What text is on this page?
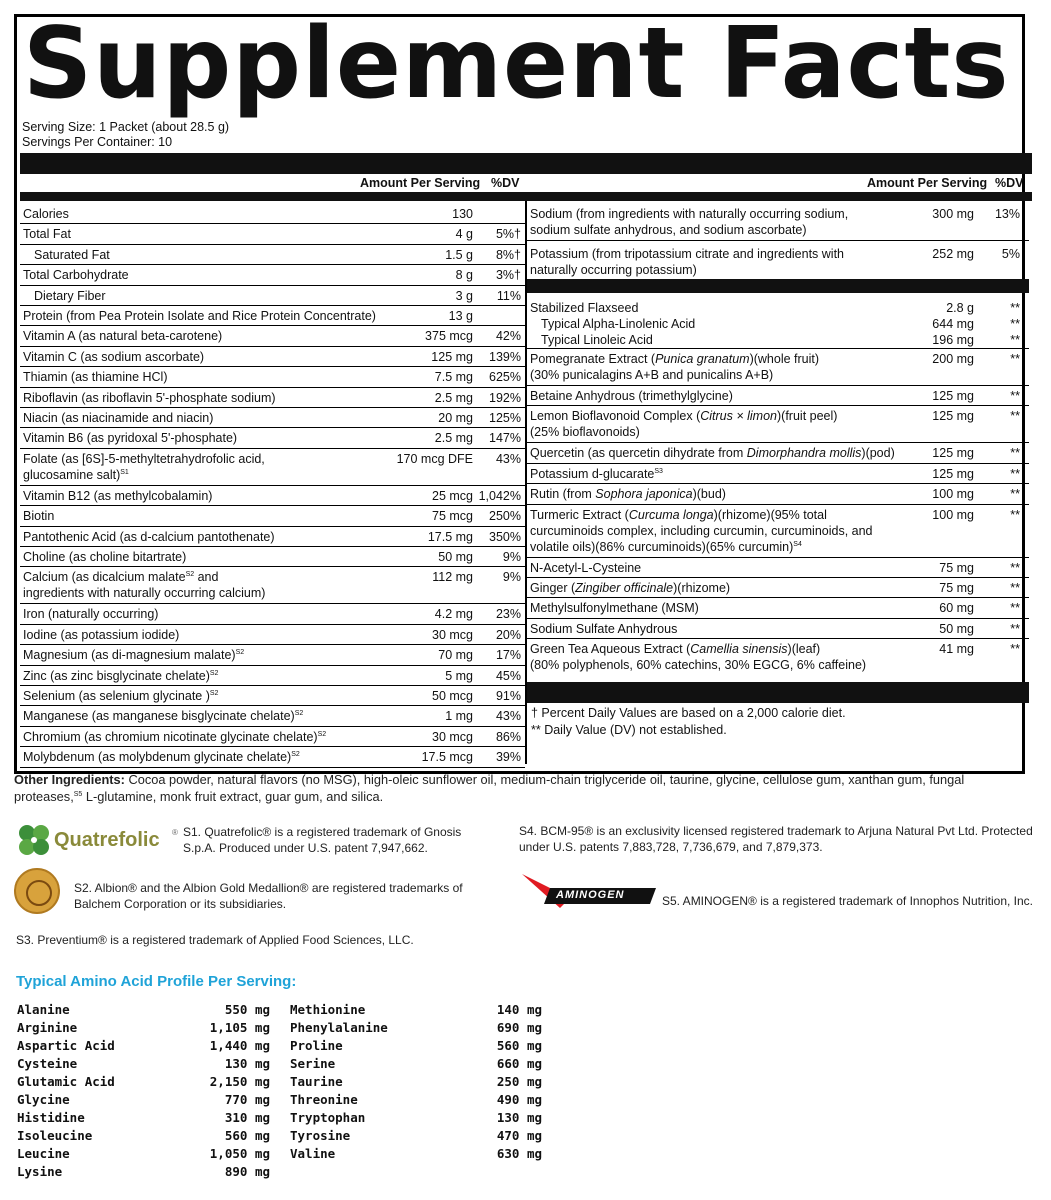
Supplement Facts
Serving Size: 1 Packet (about 28.5 g)
Servings Per Container: 10
Amount Per Serving %DV	Amount Per Serving %DV
Calories	130
Total Fat	4 g 5%†
Saturated Fat	1.5 g 8%†
Total Carbohydrate	8 g 3%†
Dietary Fiber	3 g 11%
Protein (from Pea Protein Isolate and Rice Protein Concentrate)	13 g
Vitamin A (as natural beta-carotene)	375 mcg 42%
Vitamin C (as sodium ascorbate)	125 mg 139%
Thiamin (as thiamine HCl)	7.5 mg 625%
Riboflavin (as riboflavin 5'-phosphate sodium)	2.5 mg 192%
Niacin (as niacinamide and niacin)	20 mg 125%
Vitamin B6 (as pyridoxal 5'-phosphate)	2.5 mg 147%
Folate (as [6S]-5-methyltetrahydrofolic acid,
glucosamine salt)$^{S1}$
170 mcg DFE 43%
Vitamin B12 (as methylcobalamin)	25 mcg 1,042%
Biotin	75 mcg 250%
Pantothenic Acid (as d-calcium pantothenate)	17.5 mg 350%
Choline (as choline bitartrate)	50 mg 9%
Calcium (as dicalcium malate$^{S2}$ and
ingredients with naturally occurring calcium)
112 mg 9%
Iron (naturally occurring)	4.2 mg 23%
Iodine (as potassium iodide)	30 mcg 20%
Magnesium (as di-magnesium malate)$^{S2}$	70 mg 17%
Zinc (as zinc bisglycinate chelate)$^{S2}$	5 mg 45%
Selenium (as selenium glycinate )$^{S2}$	50 mcg 91%
Manganese (as manganese bisglycinate chelate)$^{S2}$	1 mg 43%
Chromium (as chromium nicotinate glycinate chelate)$^{S2}$	30 mcg 86%
Molybdenum (as molybdenum glycinate chelate)$^{S2}$	17.5 mcg 39%
Sodium (from ingredients with naturally occurring sodium,
sodium sulfate anhydrous, and sodium ascorbate)
300 mg 13%
Potassium (from tripotassium citrate and ingredients with
naturally occurring potassium)
252 mg 5%
Stabilized Flaxseed	2.8 g	**
Typical Alpha-Linolenic Acid	644 mg	**
Typical Linoleic Acid	196 mg	**
Pomegranate Extract (Punica granatum)(whole fruit)
(30% punicalagins A+B and punicalins A+B)
200 mg	**
Betaine Anhydrous (trimethylglycine)	125 mg	**
Lemon Bioflavonoid Complex (Citrus × limon)(fruit peel)
(25% bioflavonoids)
125 mg	**
Quercetin (as quercetin dihydrate from Dimorphandra mollis)(pod)	125 mg	**
Potassium d-glucarate$^{S3}$	125 mg	**
Rutin (from Sophora japonica)(bud)	100 mg	**
Turmeric Extract (Curcuma longa)(rhizome)(95% total
curcuminoids complex, including curcumin, curcuminoids, and
volatile oils)(86% curcuminoids)(65% curcumin)$^{S4}$
100 mg	**
N-Acetyl-L-Cysteine	75 mg	**
Ginger (Zingiber officinale)(rhizome)	75 mg	**
Methylsulfonylmethane (MSM)	60 mg	**
Sodium Sulfate Anhydrous	50 mg	**
Green Tea Aqueous Extract (Camellia sinensis)(leaf)
(80% polyphenols, 60% catechins, 30% EGCG, 6% caffeine)
41 mg	**
† Percent Daily Values are based on a 2,000 calorie diet.
** Daily Value (DV) not established.
Other Ingredients: Cocoa powder, natural flavors (no MSG), high-oleic sunflower oil, medium-chain triglyceride oil, taurine, glycine, cellulose gum, xanthan gum, fungal proteases,$^{S5}$ L-glutamine, monk fruit extract, guar gum, and silica.
Quatrefolic ® S1. Quatrefolic® is a registered trademark of Gnosis S.p.A. Produced under U.S. patent 7,947,662.
S2. Albion® and the Albion Gold Medallion® are registered trademarks of Balchem Corporation or its subsidiaries.
S3. Preventium® is a registered trademark of Applied Food Sciences, LLC.
S4. BCM-95® is an exclusivity licensed registered trademark to Arjuna Natural Pvt Ltd. Protected under U.S. patents 7,883,728, 7,736,679, and 7,879,373.
AMINOGEN	S5. AMINOGEN® is a registered trademark of Innophos Nutrition, Inc.
Typical Amino Acid Profile Per Serving:
Alanine	550 mg
Arginine	1,105 mg
Aspartic Acid	1,440 mg
Cysteine	130 mg
Glutamic Acid	2,150 mg
Glycine	770 mg
Histidine	310 mg
Isoleucine	560 mg
Leucine	1,050 mg
Lysine	890 mg
Methionine	140 mg
Phenylalanine	690 mg
Proline	560 mg
Serine	660 mg
Taurine	250 mg
Threonine	490 mg
Tryptophan	130 mg
Tyrosine	470 mg
Valine	630 mg
